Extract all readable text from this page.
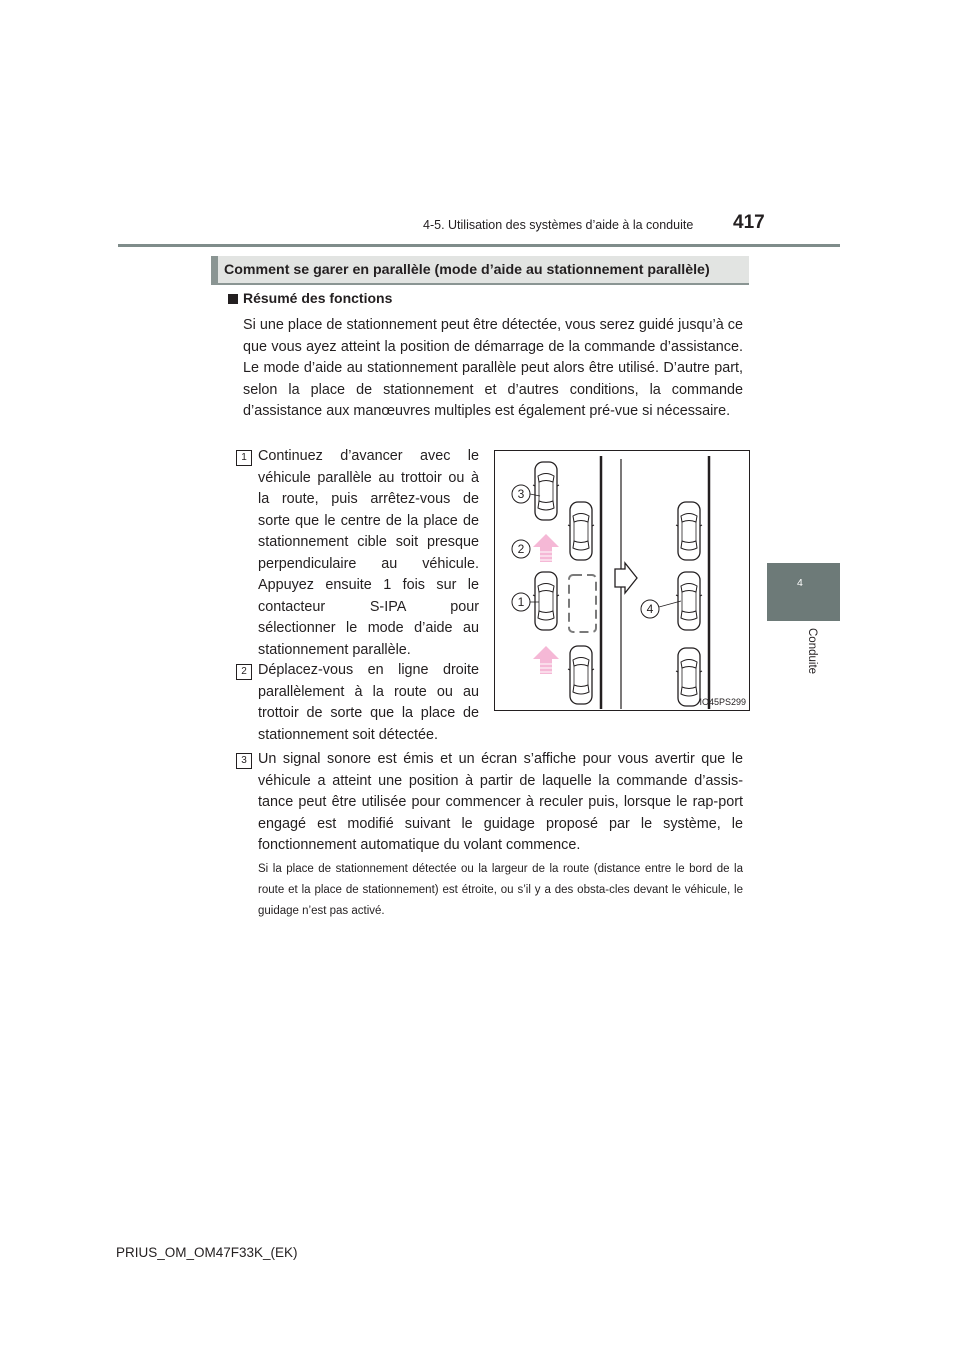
4-5. Utilisation des systèmes d’aide à la conduite 417
4
Conduite
Comment se garer en parallèle (mode d’aide au stationnement parallèle)
Résumé des fonctions
Si une place de stationnement peut être détectée, vous serez guidé jusqu’à ce que vous ayez atteint la position de démarrage de la commande d’assistance. Le mode d’aide au stationnement parallèle peut alors être utilisé. D’autre part, selon la place de stationnement et d’autres conditions, la commande d’assistance aux manœuvres multiples est également pré-vue si nécessaire.
1 Continuez d’avancer avec le véhicule parallèle au trottoir ou à la route, puis arrêtez-vous de sorte que le centre de la place de stationnement cible soit presque perpendiculaire au véhicule. Appuyez ensuite 1 fois sur le contacteur S-IPA pour sélectionner le mode d’aide au stationnement parallèle.
2 Déplacez-vous en ligne droite parallèlement à la route ou au trottoir de sorte que la place de stationnement soit détectée.
3 Un signal sonore est émis et un écran s’affiche pour vous avertir que le véhicule a atteint une position à partir de laquelle la commande d’assis-tance peut être utilisée pour commencer à reculer puis, lorsque le rap-port engagé est modifié suivant le guidage proposé par le système, le fonctionnement automatique du volant commence.
Si la place de stationnement détectée ou la largeur de la route (distance entre le bord de la route et la place de stationnement) est étroite, ou s’il y a des obsta-cles devant le véhicule, le guidage n’est pas activé.
3
2
1	4
IO45PS299
PRIUS_OM_OM47F33K_(EK)
